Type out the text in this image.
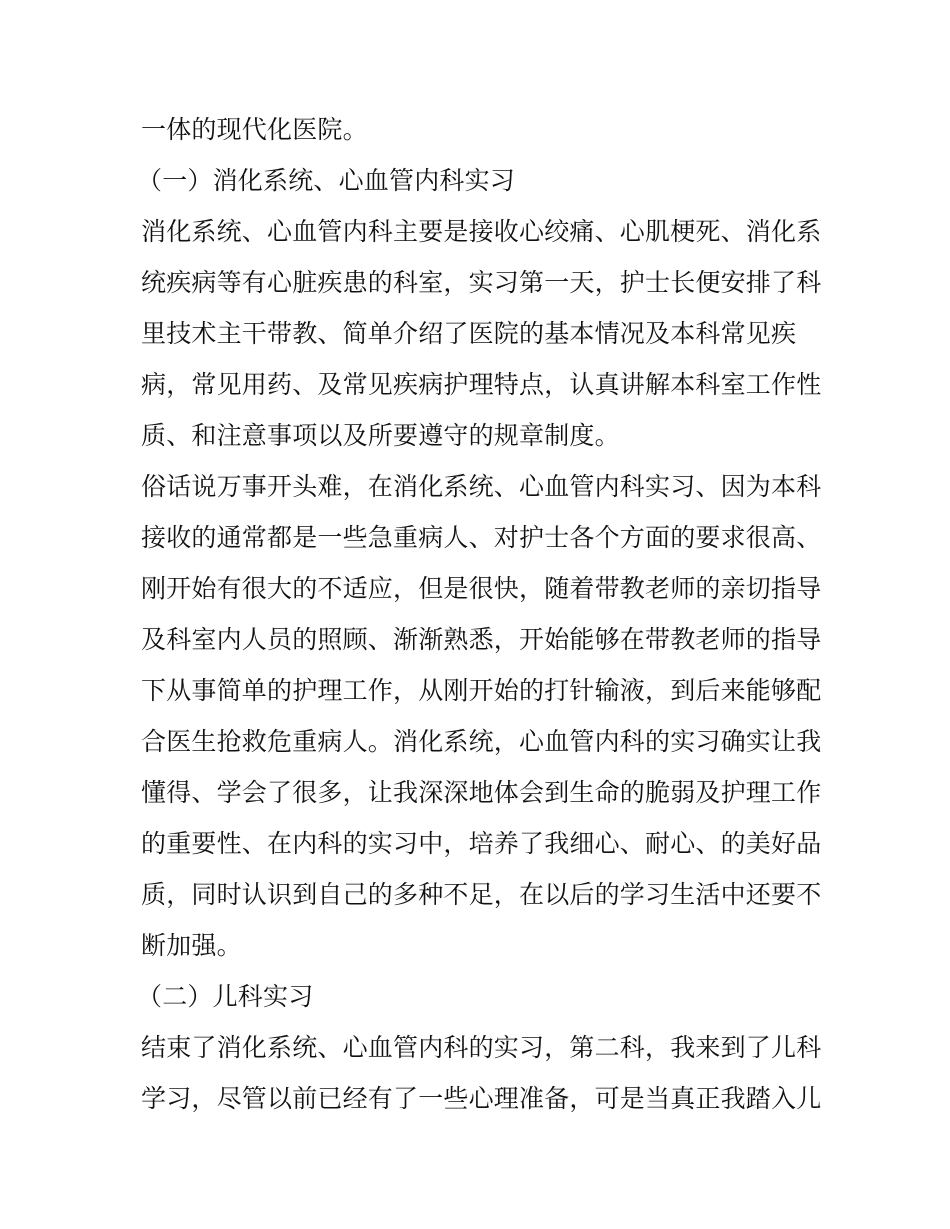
一体的现代化医院。
（一）消化系统、心血管内科实习
消化系统、心血管内科主要是接收心绞痛、心肌梗死、消化系
统疾病等有心脏疾患的科室，实习第一天，护士长便安排了科
里技术主干带教、简单介绍了医院的基本情况及本科常见疾
病，常见用药、及常见疾病护理特点，认真讲解本科室工作性
质、和注意事项以及所要遵守的规章制度。
俗话说万事开头难，在消化系统、心血管内科实习、因为本科
接收的通常都是一些急重病人、对护士各个方面的要求很高、
刚开始有很大的不适应，但是很快，随着带教老师的亲切指导
及科室内人员的照顾、渐渐熟悉，开始能够在带教老师的指导
下从事简单的护理工作，从刚开始的打针输液，到后来能够配
合医生抢救危重病人。消化系统，心血管内科的实习确实让我
懂得、学会了很多，让我深深地体会到生命的脆弱及护理工作
的重要性、在内科的实习中，培养了我细心、耐心、的美好品
质，同时认识到自己的多种不足，在以后的学习生活中还要不
断加强。
（二）儿科实习
结束了消化系统、心血管内科的实习，第二科，我来到了儿科
学习，尽管以前已经有了一些心理准备，可是当真正我踏入儿
